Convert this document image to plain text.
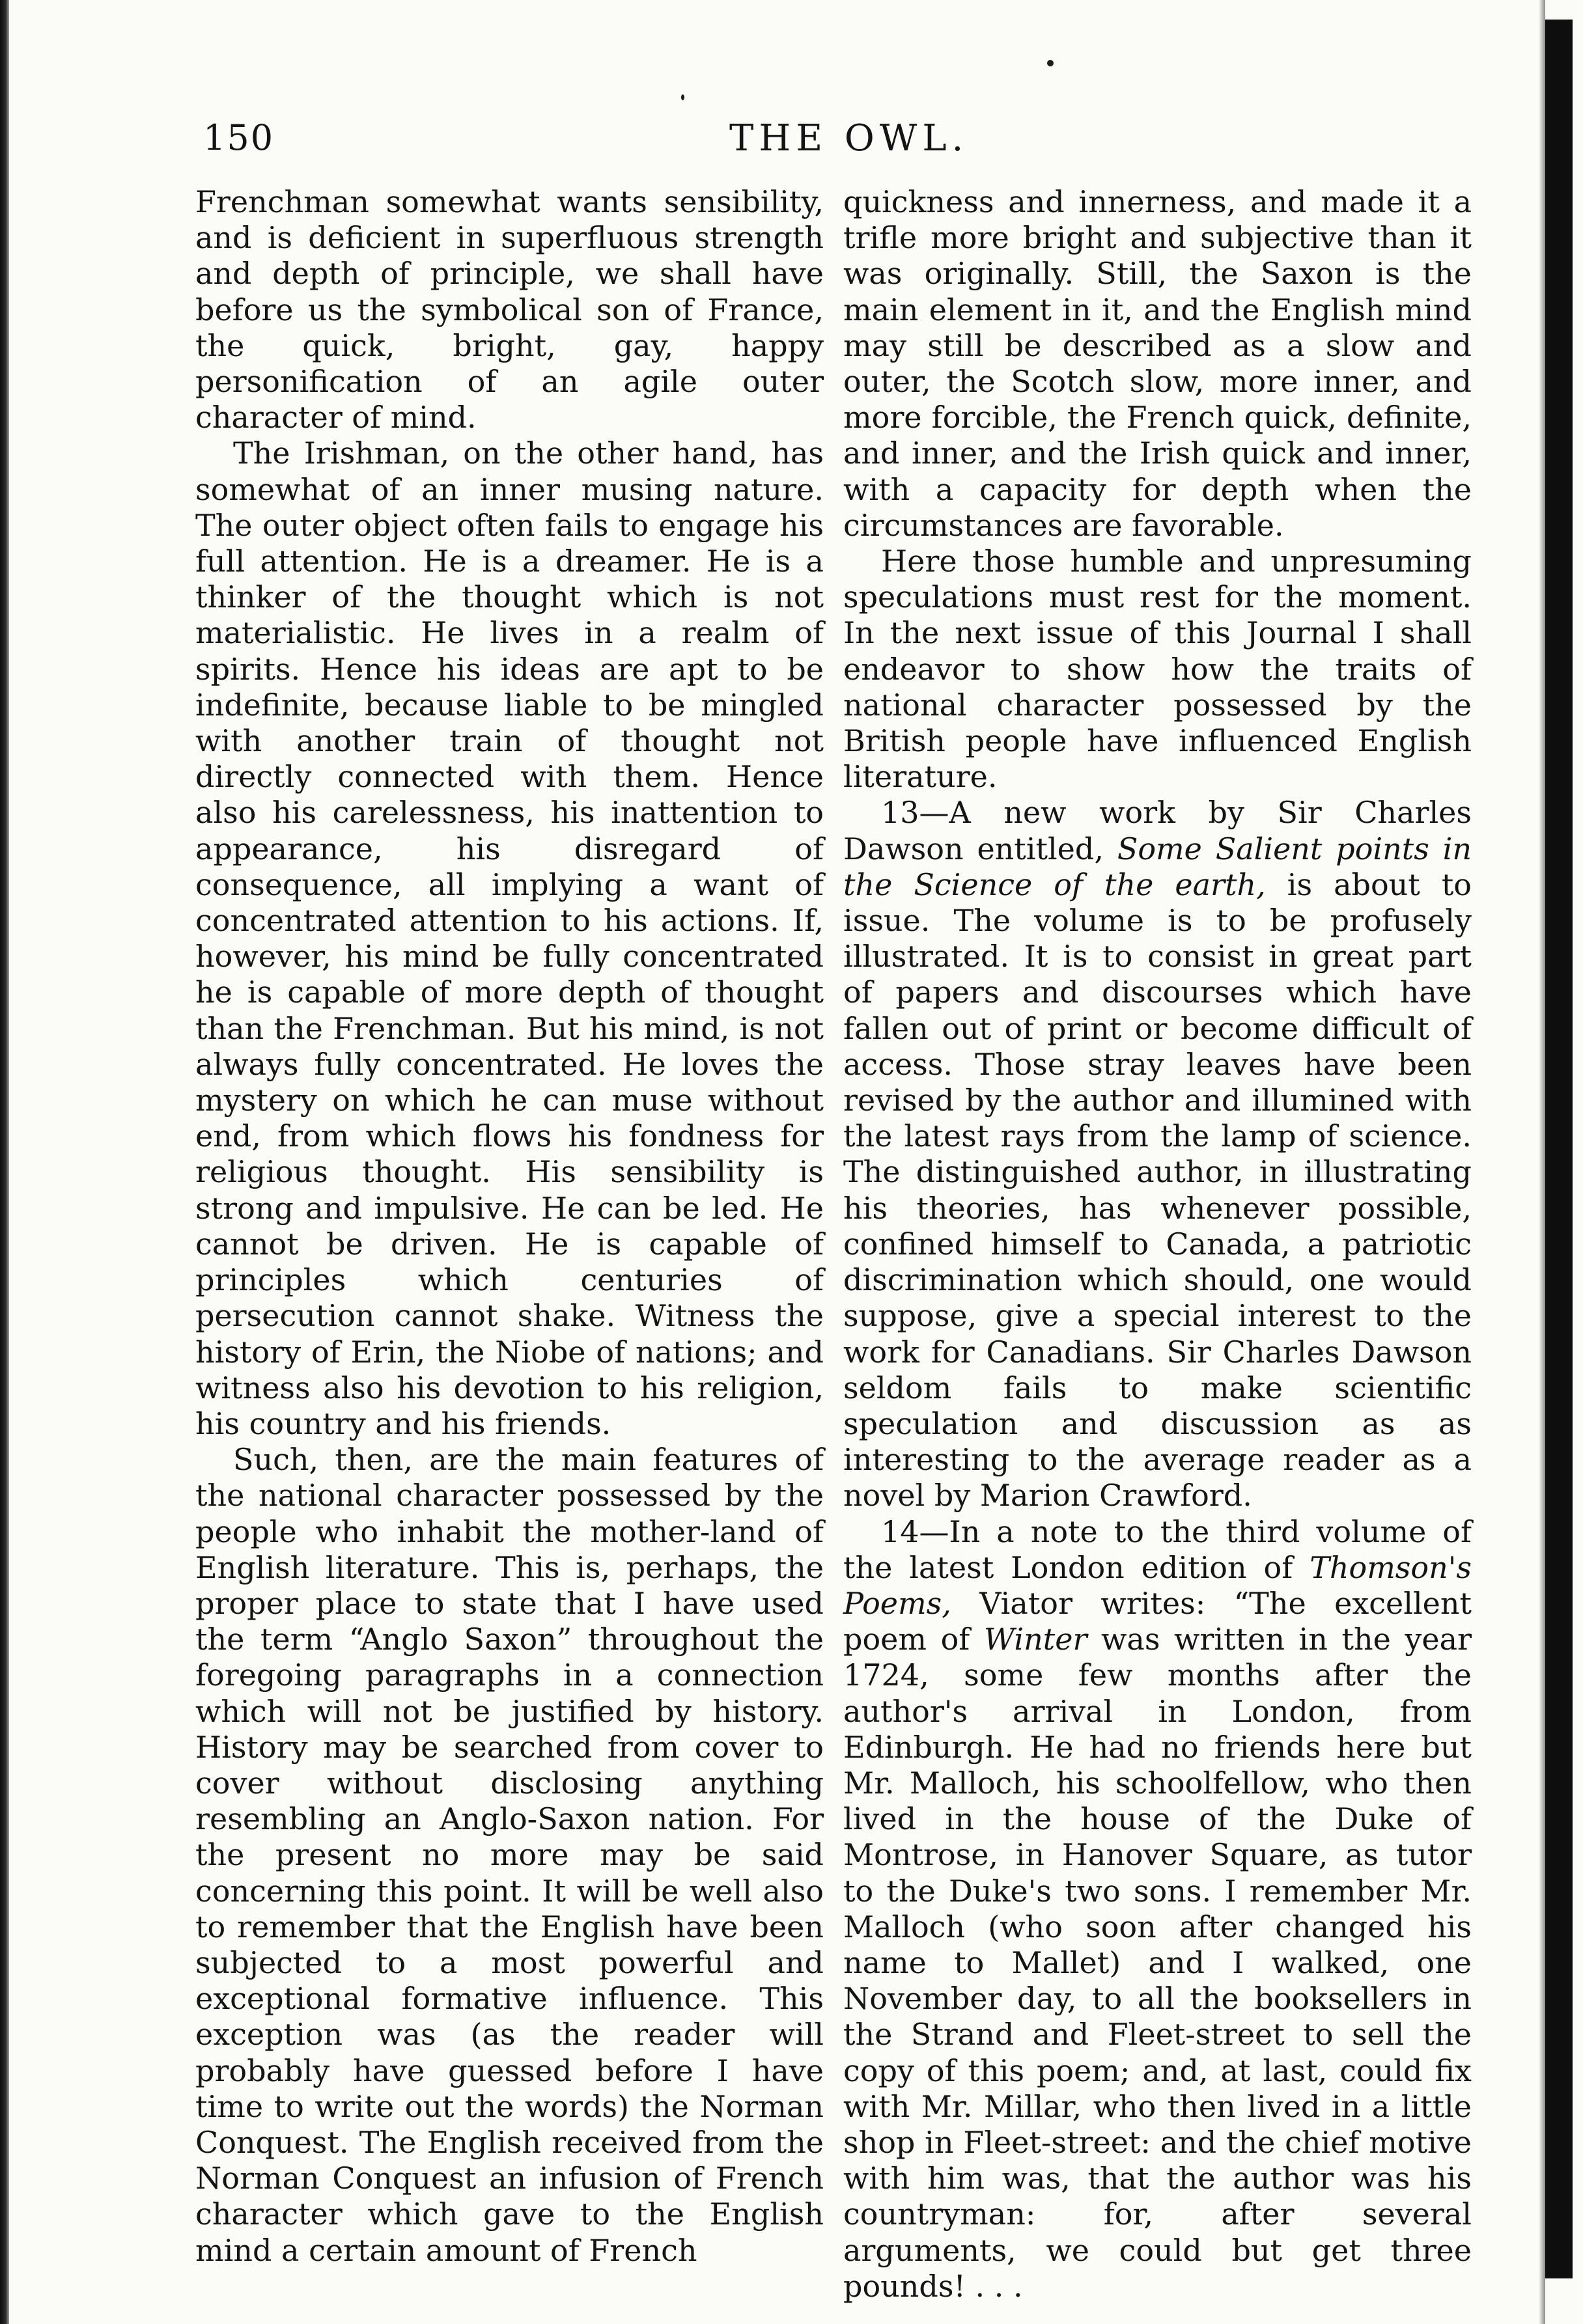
150	THE OWL.

Frenchman somewhat wants sensibility, and is deficient in superfluous strength and depth of principle, we shall have before us the symbolical son of France, the quick, bright, gay, happy personification of an agile outer character of mind.

The Irishman, on the other hand, has somewhat of an inner musing nature. The outer object often fails to engage his full attention. He is a dreamer. He is a thinker of the thought which is not materialistic. He lives in a realm of spirits. Hence his ideas are apt to be indefinite, because liable to be mingled with another train of thought not directly connected with them. Hence also his carelessness, his inattention to appearance, his disregard of consequence, all implying a want of concentrated attention to his actions. If, however, his mind be fully concentrated he is capable of more depth of thought than the Frenchman. But his mind, is not always fully concentrated. He loves the mystery on which he can muse without end, from which flows his fondness for religious thought. His sensibility is strong and impulsive. He can be led. He cannot be driven. He is capable of principles which centuries of persecution cannot shake. Witness the history of Erin, the Niobe of nations; and witness also his devotion to his religion, his country and his friends.

Such, then, are the main features of the national character possessed by the people who inhabit the mother-land of English literature. This is, perhaps, the proper place to state that I have used the term “Anglo Saxon” throughout the foregoing paragraphs in a connection which will not be justified by history. History may be searched from cover to cover without disclosing anything resembling an Anglo-Saxon nation. For the present no more may be said concerning this point. It will be well also to remember that the English have been subjected to a most powerful and exceptional formative influence. This exception was (as the reader will probably have guessed before I have time to write out the words) the Norman Conquest. The English received from the Norman Conquest an infusion of French character which gave to the English mind a certain amount of French

quickness and innerness, and made it a trifle more bright and subjective than it was originally. Still, the Saxon is the main element in it, and the English mind may still be described as a slow and outer, the Scotch slow, more inner, and more forcible, the French quick, definite, and inner, and the Irish quick and inner, with a capacity for depth when the circumstances are favorable.

Here those humble and unpresuming speculations must rest for the moment. In the next issue of this Journal I shall endeavor to show how the traits of national character possessed by the British people have influenced English literature.

13—A new work by Sir Charles Dawson entitled, Some Salient points in the Science of the earth, is about to issue. The volume is to be profusely illustrated. It is to consist in great part of papers and discourses which have fallen out of print or become difficult of access. Those stray leaves have been revised by the author and illumined with the latest rays from the lamp of science. The distinguished author, in illustrating his theories, has whenever possible, confined himself to Canada, a patriotic discrimination which should, one would suppose, give a special interest to the work for Canadians. Sir Charles Dawson seldom fails to make scientific speculation and discussion as as interesting to the average reader as a novel by Marion Crawford.

14—In a note to the third volume of the latest London edition of Thomson's Poems, Viator writes: “The excellent poem of Winter was written in the year 1724, some few months after the author's arrival in London, from Edinburgh. He had no friends here but Mr. Malloch, his schoolfellow, who then lived in the house of the Duke of Montrose, in Hanover Square, as tutor to the Duke's two sons. I remember Mr. Malloch (who soon after changed his name to Mallet) and I walked, one November day, to all the booksellers in the Strand and Fleet-street to sell the copy of this poem; and, at last, could fix with Mr. Millar, who then lived in a little shop in Fleet-street: and the chief motive with him was, that the author was his countryman: for, after several arguments, we could but get three pounds! . . .
